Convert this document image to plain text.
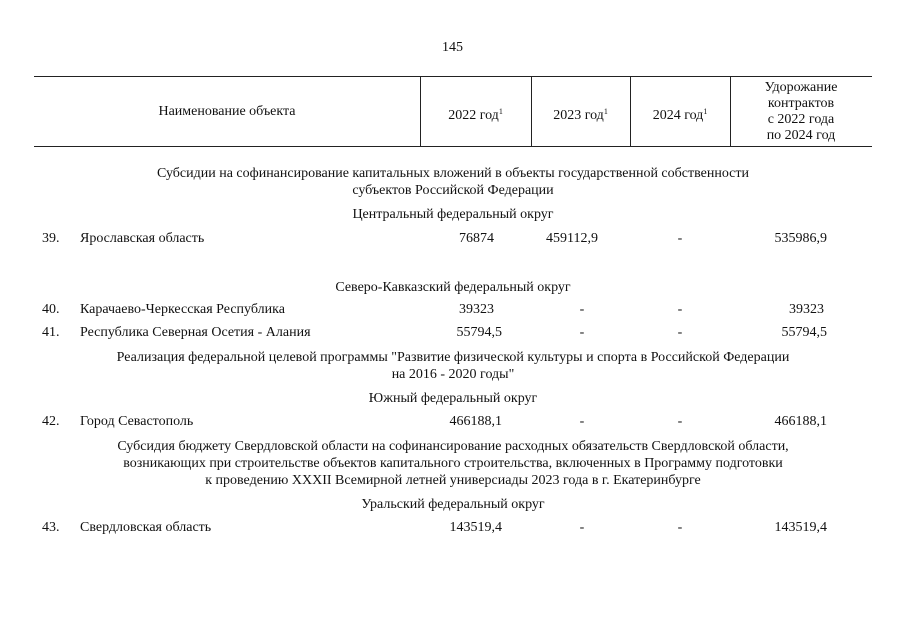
145
Наименование объекта	2022 год$^1$	2023 год$^1$	2024 год$^1$
Удорожание
контрактов
с 2022 года
по 2024 год
Субсидии на софинансирование капитальных вложений в объекты государственной собственности
субъектов Российской Федерации
Центральный федеральный округ
39. Ярославская область	76874	459112,9	-	535986,9
Северо-Кавказский федеральный округ
40. Карачаево-Черкесская Республика	39323	-	-	39323
41. Республика Северная Осетия - Алания	55794,5	-	-	55794,5
Реализация федеральной целевой программы "Развитие физической культуры и спорта в Российской Федерации
на 2016 - 2020 годы"
Южный федеральный округ
42. Город Севастополь	466188,1	-	-	466188,1
Субсидия бюджету Свердловской области на софинансирование расходных обязательств Свердловской области,
возникающих при строительстве объектов капитального строительства, включенных в Программу подготовки
к проведению XXXII Всемирной летней универсиады 2023 года в г. Екатеринбурге
Уральский федеральный округ
43. Свердловская область	143519,4	-	-	143519,4
